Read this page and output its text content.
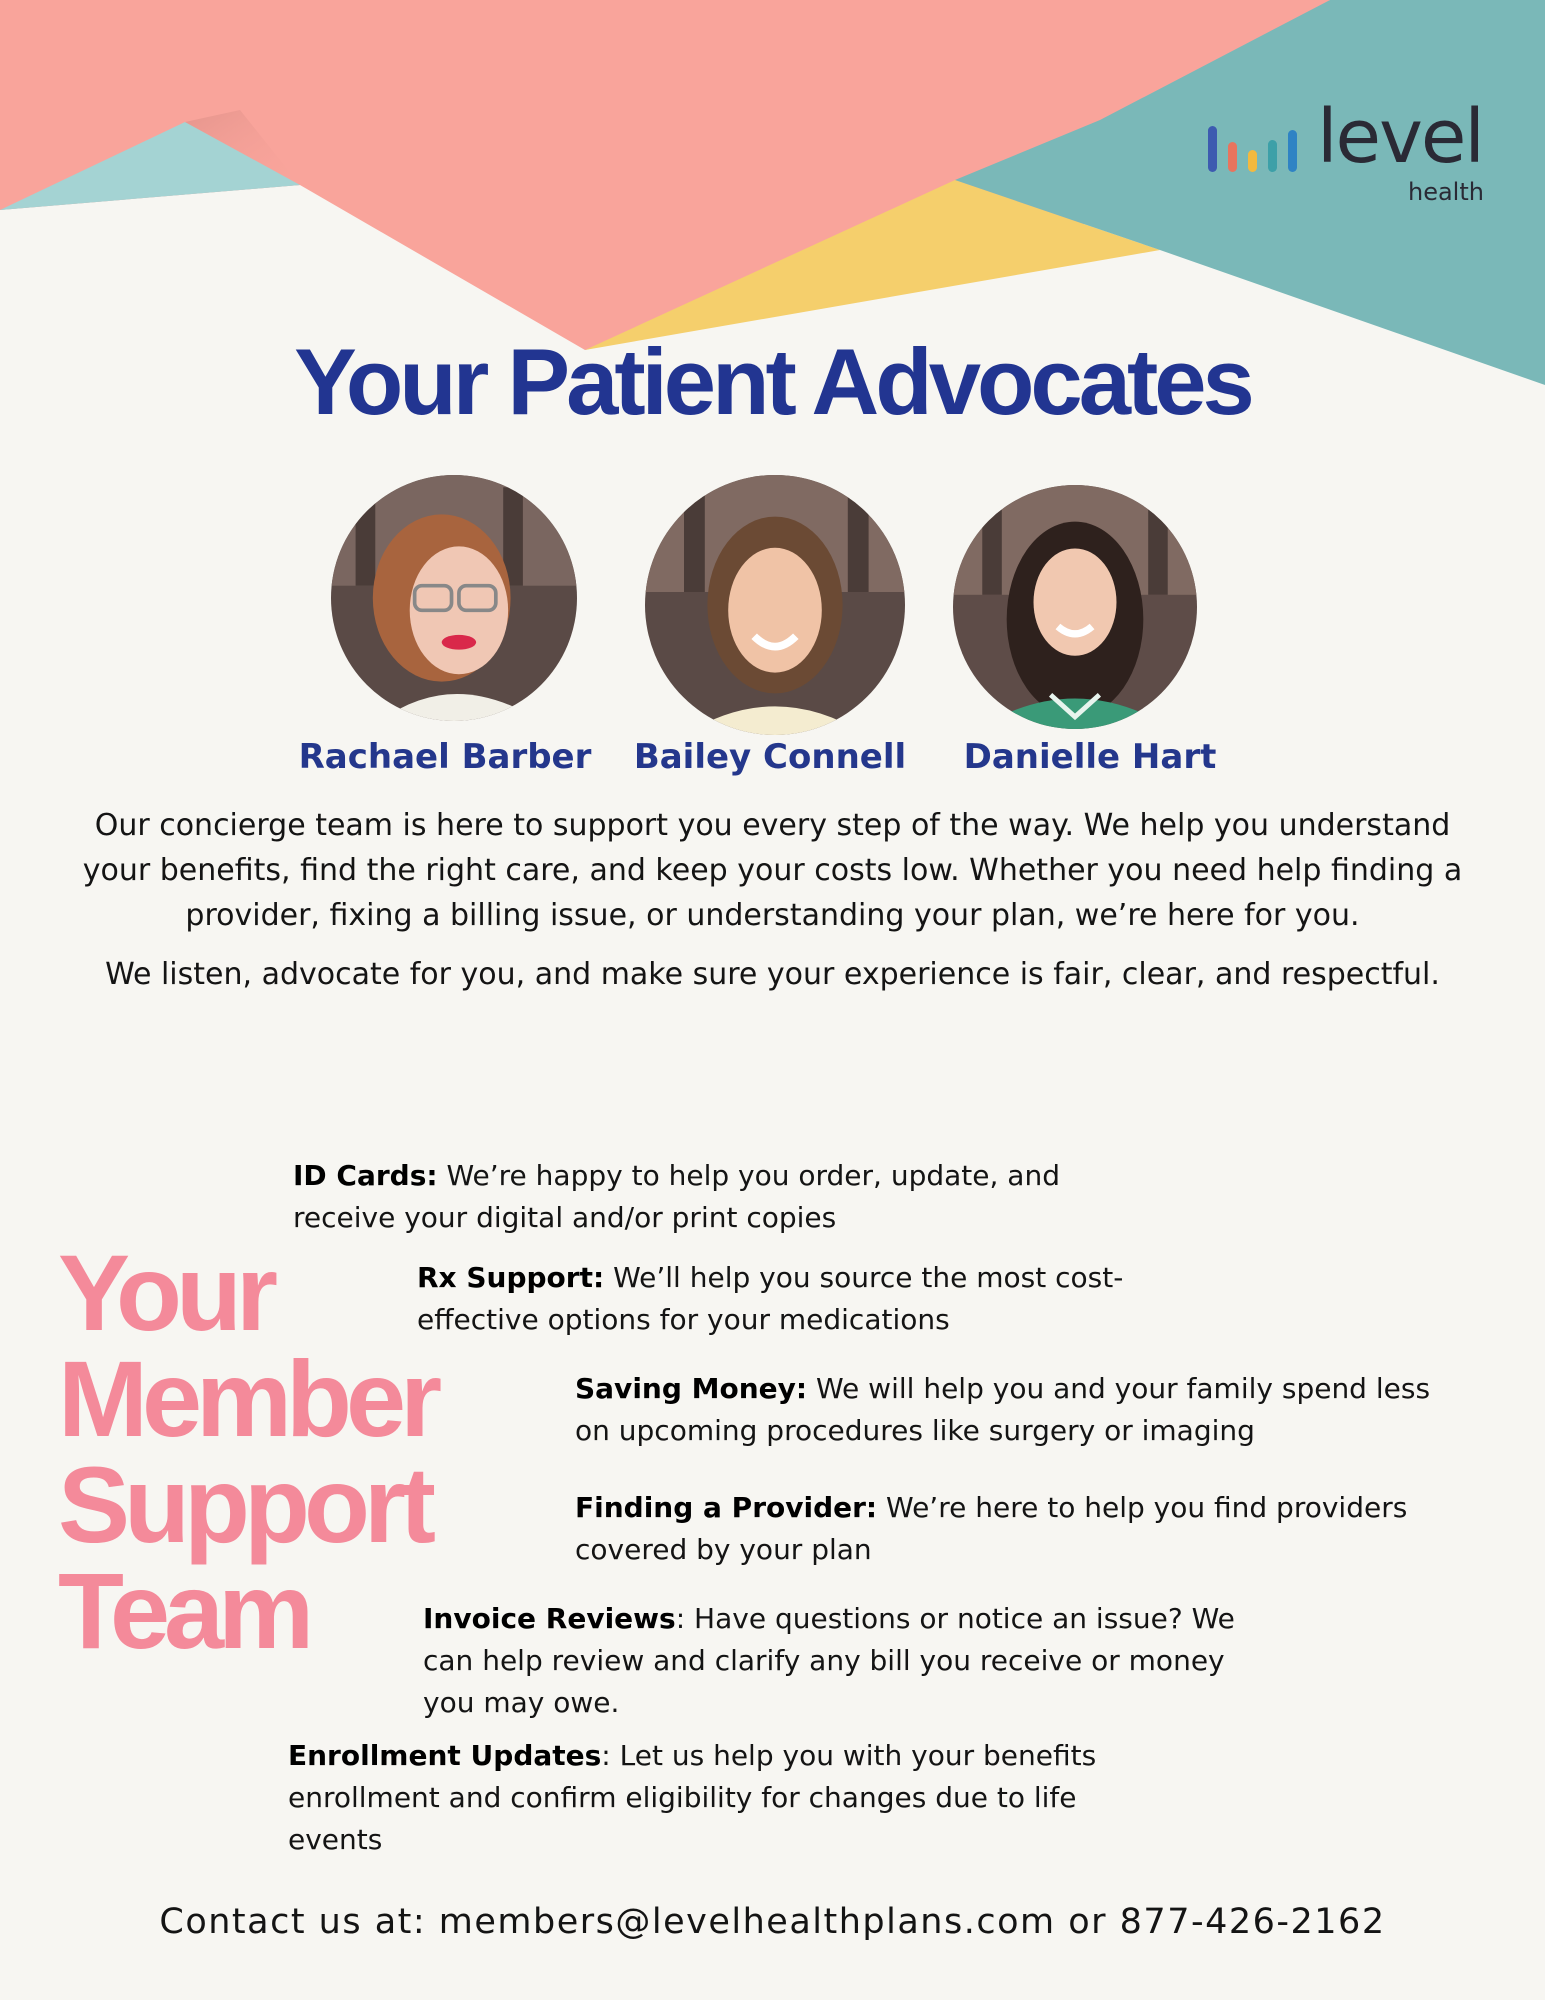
level
health
Your Patient Advocates
Rachael Barber Bailey Connell Danielle Hart

Our concierge team is here to support you every step of the way. We help you understand your benefits, find the right care, and keep your costs low. Whether you need help finding a provider, fixing a billing issue, or understanding your plan, we’re here for you.

We listen, advocate for you, and make sure your experience is fair, clear, and respectful.

Your
Member
Support
Team
ID Cards: We’re happy to help you order, update, and receive your digital and/or print copies
Rx Support: We’ll help you source the most cost-effective options for your medications
Saving Money: We will help you and your family spend less on upcoming procedures like surgery or imaging
Finding a Provider: We’re here to help you find providers covered by your plan
Invoice Reviews: Have questions or notice an issue? We can help review and clarify any bill you receive or money you may owe.
Enrollment Updates: Let us help you with your benefits enrollment and confirm eligibility for changes due to life events
Contact us at: members@levelhealthplans.com or 877-426-2162
